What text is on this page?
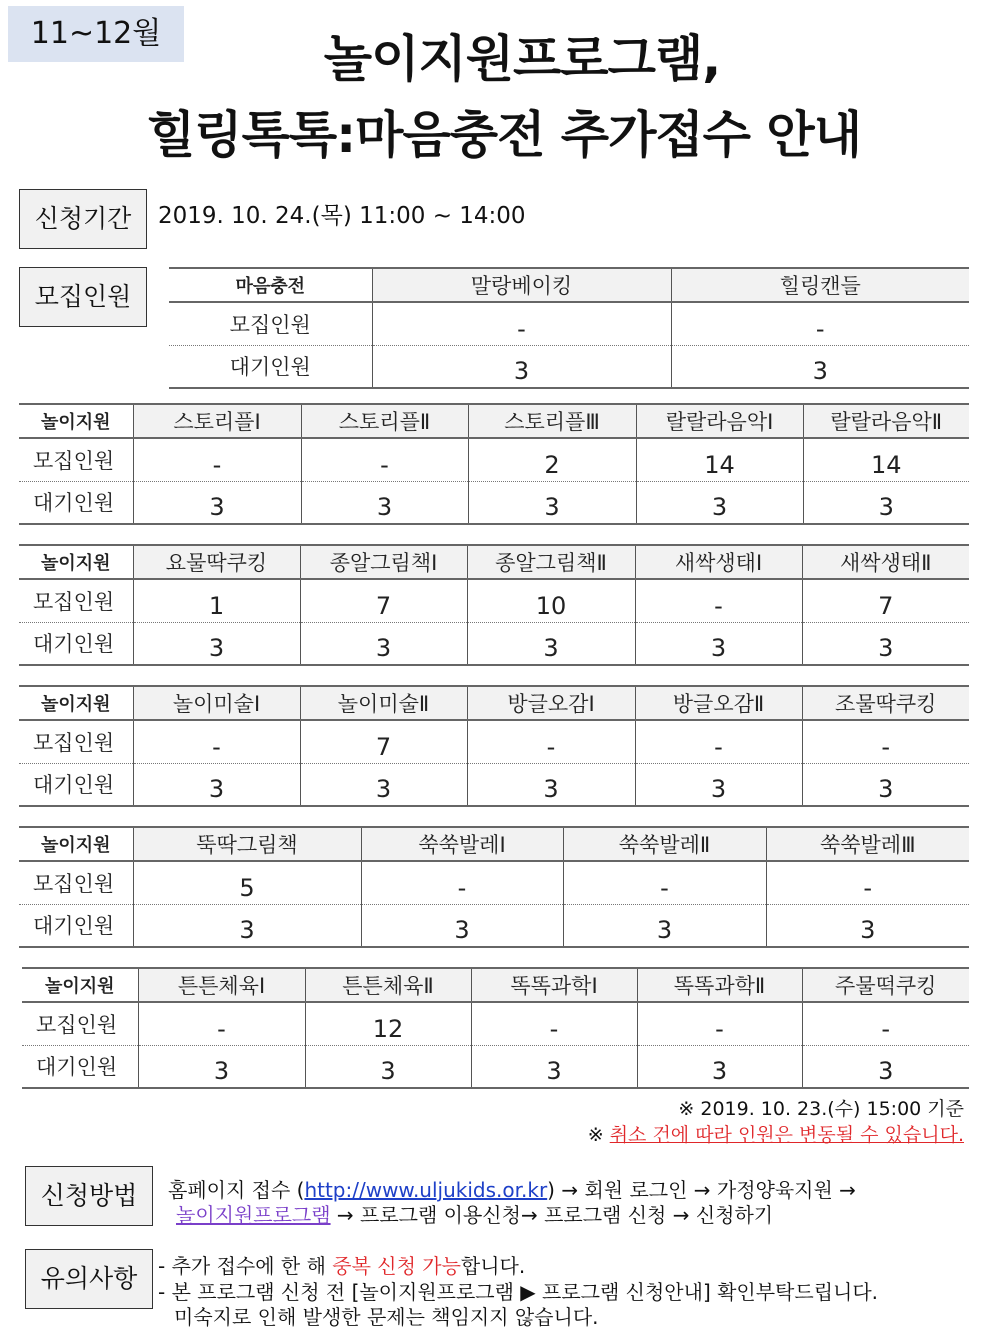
11~12월	놀이지원프로그램,
힐링톡톡:마음충전 추가접수 안내
신청기간	2019. 10. 24.(목) 11:00 ~ 14:00
모집인원	마음충전	말랑베이킹	힐링캔들
모집인원	-	-
대기인원	3	3
놀이지원	스토리플Ⅰ	스토리플Ⅱ	스토리플Ⅲ	랄랄라음악Ⅰ	랄랄라음악Ⅱ
모집인원	-	-	2	14	14
대기인원	3	3	3	3	3
놀이지원	요물딱쿠킹	종알그림책Ⅰ	종알그림책Ⅱ	새싹생태Ⅰ	새싹생태Ⅱ
모집인원	1	7	10	-	7
대기인원	3	3	3	3	3
놀이지원	놀이미술Ⅰ	놀이미술Ⅱ	방글오감Ⅰ	방글오감Ⅱ	조물딱쿠킹
모집인원	-	7	-	-	-
대기인원	3	3	3	3	3
놀이지원	뚝딱그림책	쑥쑥발레Ⅰ	쑥쑥발레Ⅱ	쑥쑥발레Ⅲ
모집인원	5	-	-	-
대기인원	3	3	3	3
놀이지원	튼튼체육Ⅰ	튼튼체육Ⅱ	똑똑과학Ⅰ	똑똑과학Ⅱ	주물떡쿠킹
모집인원	-	12	-	-	-
대기인원	3	3	3	3	3
※ 2019. 10. 23.(수) 15:00 기준
※ 취소 건에 따라 인원은 변동될 수 있습니다.
신청방법	홈페이지 접수 (http://www.uljukids.or.kr) → 회원 로그인 → 가정양육지원 →
놀이지원프로그램 → 프로그램 이용신청→ 프로그램 신청 → 신청하기
유의사항	- 추가 접수에 한 해 중복 신청 가능합니다.
- 본 프로그램 신청 전 [놀이지원프로그램 ▶ 프로그램 신청안내] 확인부탁드립니다.
미숙지로 인해 발생한 문제는 책임지지 않습니다.
